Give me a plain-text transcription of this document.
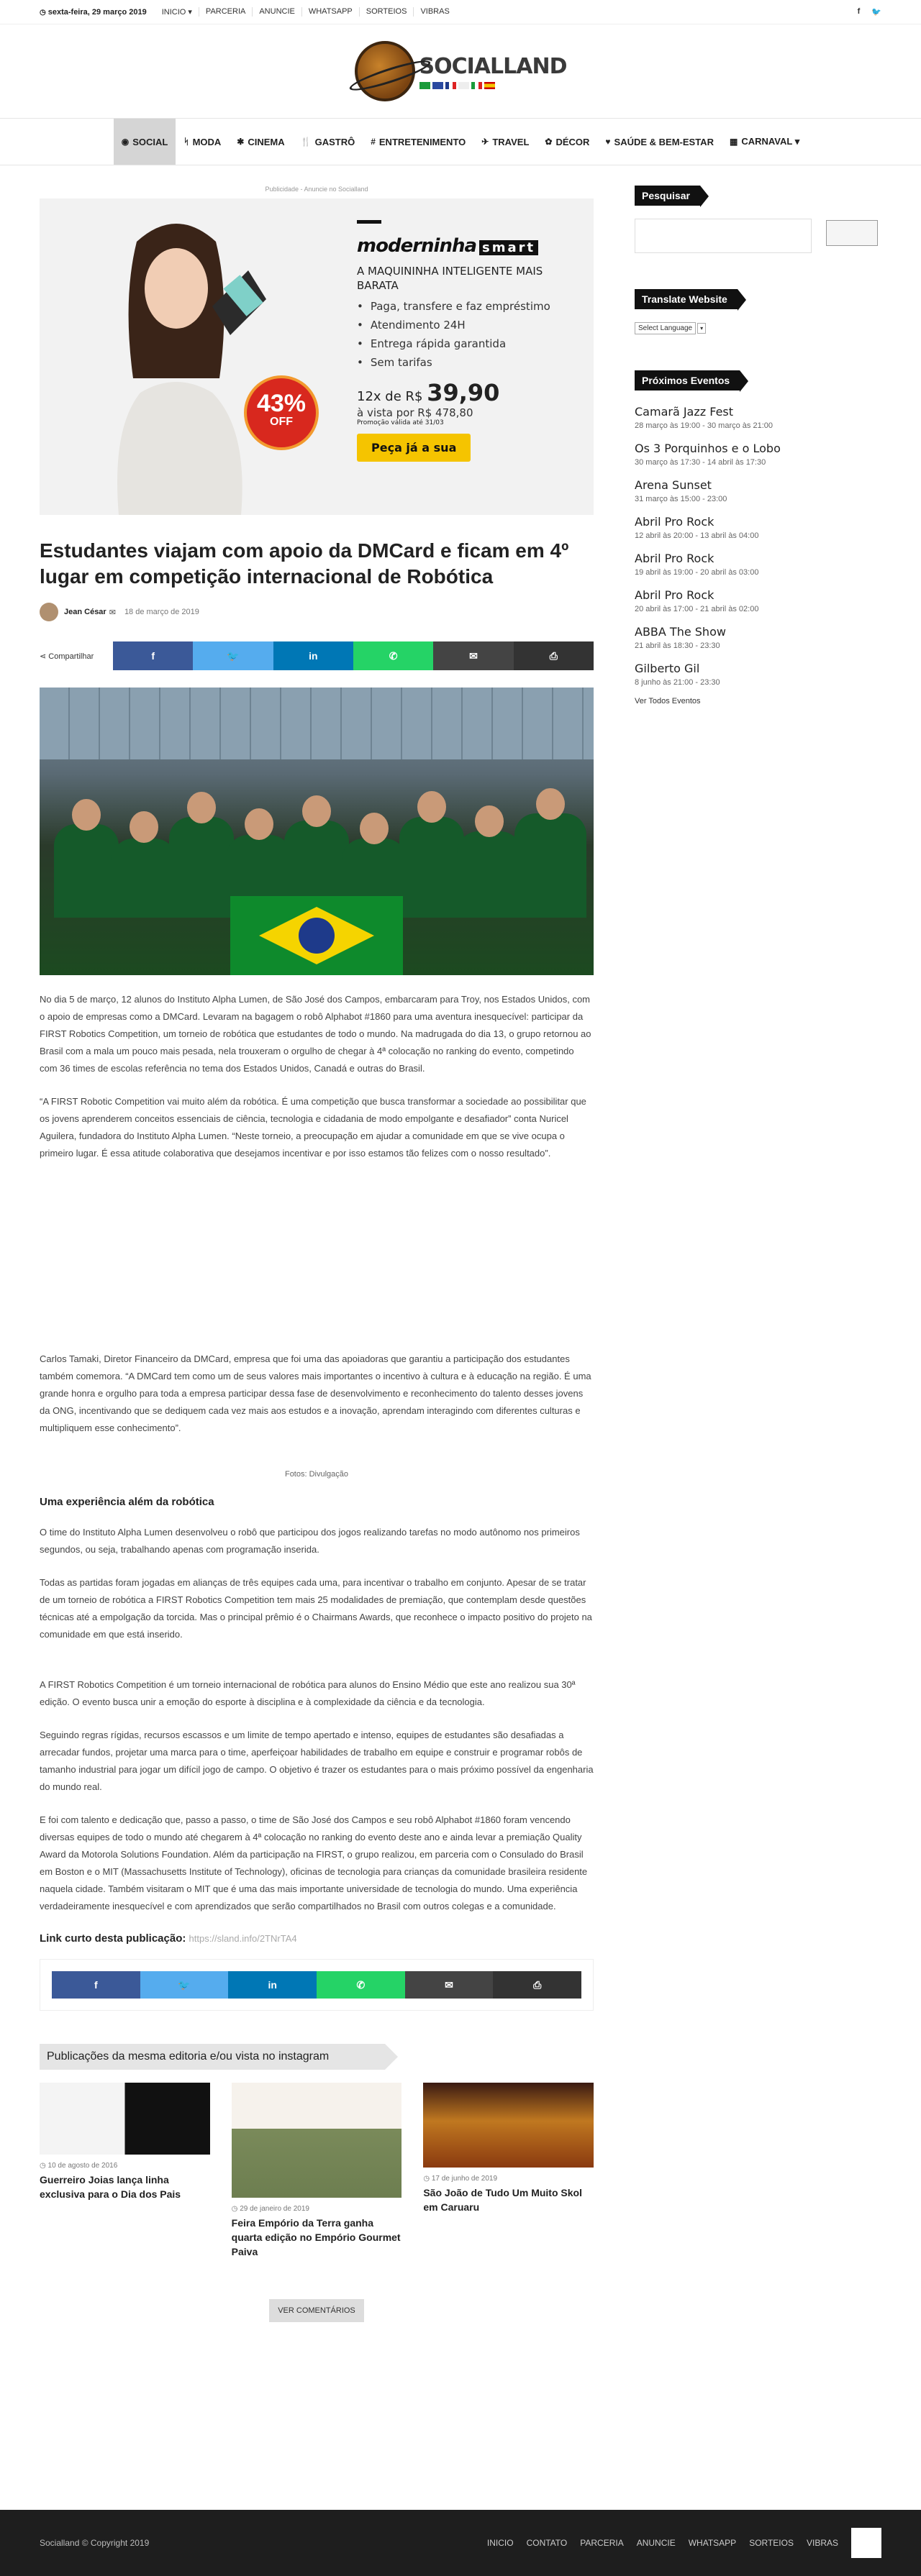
◷ sexta-feira, 29 março 2019	INICIO ▾	PARCERIA	ANUNCIE	WHATSAPP	SORTEIOS	VIBRAS	f 🐦
SOCIALLAND
◉ SOCIAL ᛋ MODA ✱ CINEMA 🍴 GASTRÔ # ENTRETENIMENTO ✈ TRAVEL ✿ DÉCOR ♥ SAÚDE & BEM-ESTAR ▦ CARNAVAL ▾
Publicidade - Anuncie no Socialland
43%
OFF
moderninha smart
A MAQUININHA INTELIGENTE MAIS BARATA
• Paga, transfere e faz empréstimo
• Atendimento 24H
• Entrega rápida garantida
• Sem tarifas
12x de R$ 39,90
à vista por R$ 478,80
Promoção válida até 31/03
Peça já a sua
Estudantes viajam com apoio da DMCard e ficam em 4º lugar em competição internacional de Robótica
Jean César ✉ 18 de março de 2019
⋖ Compartilhar	f	🐦	in	✆	✉	⎙

No dia 5 de março, 12 alunos do Instituto Alpha Lumen, de São José dos Campos, embarcaram para Troy, nos Estados Unidos, com o apoio de empresas como a DMCard. Levaram na bagagem o robô Alphabot #1860 para uma aventura inesquecível: participar da FIRST Robotics Competition, um torneio de robótica que estudantes de todo o mundo. Na madrugada do dia 13, o grupo retornou ao Brasil com a mala um pouco mais pesada, nela trouxeram o orgulho de chegar à 4ª colocação no ranking do evento, competindo com 36 times de escolas referência no tema dos Estados Unidos, Canadá e outras do Brasil.

“A FIRST Robotic Competition vai muito além da robótica. É uma competição que busca transformar a sociedade ao possibilitar que os jovens aprenderem conceitos essenciais de ciência, tecnologia e cidadania de modo empolgante e desafiador” conta Nuricel Aguilera, fundadora do Instituto Alpha Lumen. “Neste torneio, a preocupação em ajudar a comunidade em que se vive ocupa o primeiro lugar. É essa atitude colaborativa que desejamos incentivar e por isso estamos tão felizes com o nosso resultado”.

Carlos Tamaki, Diretor Financeiro da DMCard, empresa que foi uma das apoiadoras que garantiu a participação dos estudantes também comemora. “A DMCard tem como um de seus valores mais importantes o incentivo à cultura e à educação na região. É uma grande honra e orgulho para toda a empresa participar dessa fase de desenvolvimento e reconhecimento do talento desses jovens da ONG, incentivando que se dediquem cada vez mais aos estudos e a inovação, aprendam interagindo com diferentes culturas e multipliquem esse conhecimento”.

Fotos: Divulgação
Uma experiência além da robótica

O time do Instituto Alpha Lumen desenvolveu o robô que participou dos jogos realizando tarefas no modo autônomo nos primeiros segundos, ou seja, trabalhando apenas com programação inserida.

Todas as partidas foram jogadas em alianças de três equipes cada uma, para incentivar o trabalho em conjunto. Apesar de se tratar de um torneio de robótica a FIRST Robotics Competition tem mais 25 modalidades de premiação, que contemplam desde questões técnicas até a empolgação da torcida. Mas o principal prêmio é o Chairmans Awards, que reconhece o impacto positivo do projeto na comunidade em que está inserido.

A FIRST Robotics Competition é um torneio internacional de robótica para alunos do Ensino Médio que este ano realizou sua 30ª edição. O evento busca unir a emoção do esporte à disciplina e à complexidade da ciência e da tecnologia.

Seguindo regras rígidas, recursos escassos e um limite de tempo apertado e intenso, equipes de estudantes são desafiadas a arrecadar fundos, projetar uma marca para o time, aperfeiçoar habilidades de trabalho em equipe e construir e programar robôs de tamanho industrial para jogar um difícil jogo de campo. O objetivo é trazer os estudantes para o mais próximo possível da engenharia do mundo real.

E foi com talento e dedicação que, passo a passo, o time de São José dos Campos e seu robô Alphabot #1860 foram vencendo diversas equipes de todo o mundo até chegarem à 4ª colocação no ranking do evento deste ano e ainda levar a premiação Quality Award da Motorola Solutions Foundation. Além da participação na FIRST, o grupo realizou, em parceria com o Consulado do Brasil em Boston e o MIT (Massachusetts Institute of Technology), oficinas de tecnologia para crianças da comunidade brasileira residente naquela cidade. Também visitaram o MIT que é uma das mais importante universidade de tecnologia do mundo. Uma experiência verdadeiramente inesquecível e com aprendizados que serão compartilhados no Brasil com outros colegas e a comunidade.

Link curto desta publicação: https://sland.info/2TNrTA4
f	🐦	in	✆	✉	⎙
Publicações da mesma editoria e/ou vista no instagram
◷ 10 de agosto de 2016
Guerreiro Joias lança linha exclusiva para o Dia dos Pais
◷ 29 de janeiro de 2019
Feira Empório da Terra ganha quarta edição no Empório Gourmet Paiva
◷ 17 de junho de 2019
São João de Tudo Um Muito Skol em Caruaru
VER COMENTÁRIOS
Pesquisar
Translate Website
Select Language	▾
Próximos Eventos
Camarã Jazz Fest
28 março às 19:00 - 30 março às 21:00
Os 3 Porquinhos e o Lobo
30 março às 17:30 - 14 abril às 17:30
Arena Sunset
31 março às 15:00 - 23:00
Abril Pro Rock
12 abril às 20:00 - 13 abril às 04:00
Abril Pro Rock
19 abril às 19:00 - 20 abril às 03:00
Abril Pro Rock
20 abril às 17:00 - 21 abril às 02:00
ABBA The Show
21 abril às 18:30 - 23:30
Gilberto Gil
8 junho às 21:00 - 23:30
Ver Todos Eventos
Socialland © Copyright 2019	INICIO CONTATO PARCERIA ANUNCIE WHATSAPP SORTEIOS VIBRAS
